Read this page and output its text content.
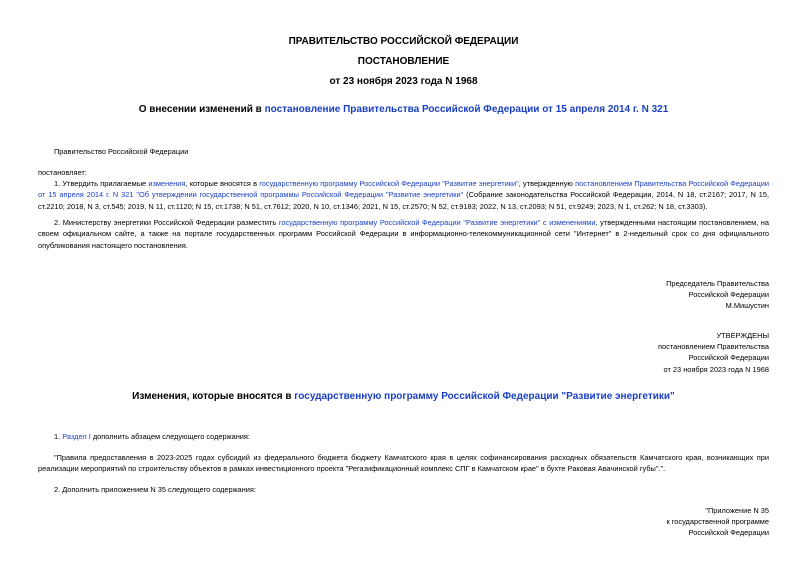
ПРАВИТЕЛЬСТВО РОССИЙСКОЙ ФЕДЕРАЦИИ
ПОСТАНОВЛЕНИЕ
от 23 ноября 2023 года N 1968
О внесении изменений в постановление Правительства Российской Федерации от 15 апреля 2014 г. N 321
Правительство Российской Федерации
постановляет:

1. Утвердить прилагаемые изменения, которые вносятся в государственную программу Российской Федерации "Развитие энергетики", утвержденную постановлением Правительства Российской Федерации от 15 апреля 2014 г. N 321 "Об утверждении государственной программы Российской Федерации "Развитие энергетики" (Собрание законодательства Российской Федерации, 2014, N 18, ст.2167; 2017, N 15, ст.2210; 2018, N 3, ст.545; 2019, N 11, ст.1120; N 15, ст.1738; N 51, ст.7612; 2020, N 10, ст.1346; 2021, N 15, ст.2570; N 52, ст.9183; 2022, N 13, ст.2093; N 51, ст.9249; 2023, N 1, ст.262; N 18, ст.3303).

2. Министерству энергетики Российской Федерации разместить государственную программу Российской Федерации "Развитие энергетики" с изменениями, утвержденными настоящим постановлением, на своем официальном сайте, а также на портале государственных программ Российской Федерации в информационно-телекоммуникационной сети "Интернет" в 2-недельный срок со дня официального опубликования настоящего постановления.

Председатель Правительства
Российской Федерации
М.Мишустин
УТВЕРЖДЕНЫ
постановлением Правительства
Российской Федерации
от 23 ноября 2023 года N 1968
Изменения, которые вносятся в государственную программу Российской Федерации "Развитие энергетики"
1. Раздел I дополнить абзацем следующего содержания:

"Правила предоставления в 2023-2025 годах субсидий из федерального бюджета бюджету Камчатского края в целях софинансирования расходных обязательств Камчатского края, возникающих при реализации мероприятий по строительству объектов в рамках инвестиционного проекта "Регазификационный комплекс СПГ в Камчатском крае" в бухте Раковая Авачинской губы".".

2. Дополнить приложением N 35 следующего содержания:
"Приложение N 35
к государственной программе
Российской Федерации
